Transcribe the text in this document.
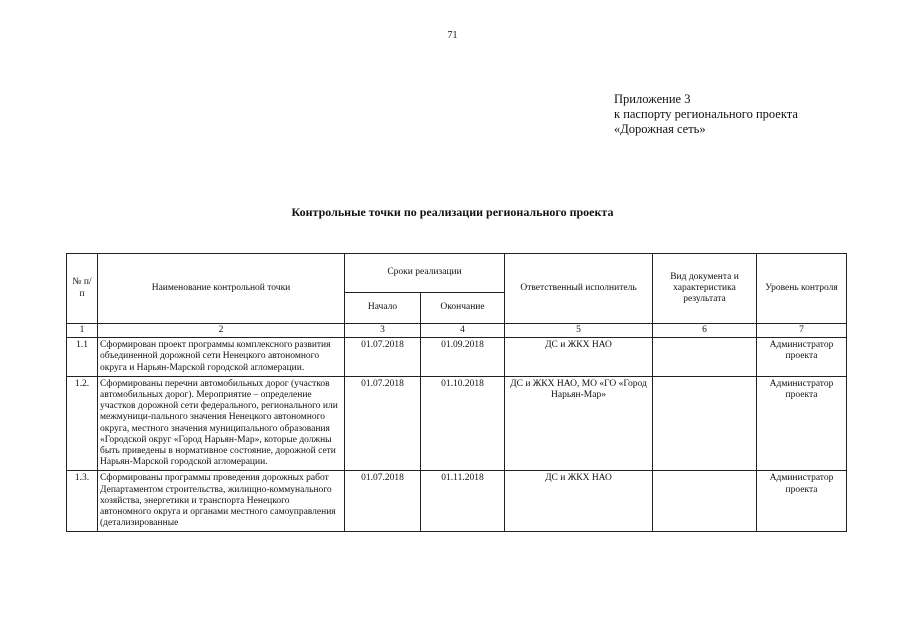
71
Приложение 3
к паспорту регионального проекта
«Дорожная сеть»
Контрольные точки по реализации регионального проекта
№ п/п	Наименование контрольной точки	Сроки реализации		Ответственный исполнитель	Вид документа и характеристика результата	Уровень контроля
		Начало	Окончание			
1	2	3	4	5	6	7
1.1	Сформирован проект программы комплексного развития объединенной дорожной сети Ненецкого автономного округа и Нарьян-Марской городской агломерации.	01.07.2018	01.09.2018	ДС и ЖКХ НАО		Администратор проекта
1.2.	Сформированы перечни автомобильных дорог (участков автомобильных дорог). Мероприятие – определение участков дорожной сети федерального, регионального или межмуници-пального значения Ненецкого автономного округа, местного значения муниципального образования «Городской округ «Город Нарьян-Мар», которые должны быть приведены в нормативное состояние, дорожной сети Нарьян-Марской городской агломерации.	01.07.2018	01.10.2018	ДС и ЖКХ НАО, МО «ГО «Город Нарьян-Мар»		Администратор проекта
1.3.	Сформированы программы проведения дорожных работ Департаментом строительства, жилищно-коммунального хозяйства, энергетики и транспорта Ненецкого автономного округа и органами местного самоуправления (детализированные	01.07.2018	01.11.2018	ДС и ЖКХ НАО		Администратор проекта
